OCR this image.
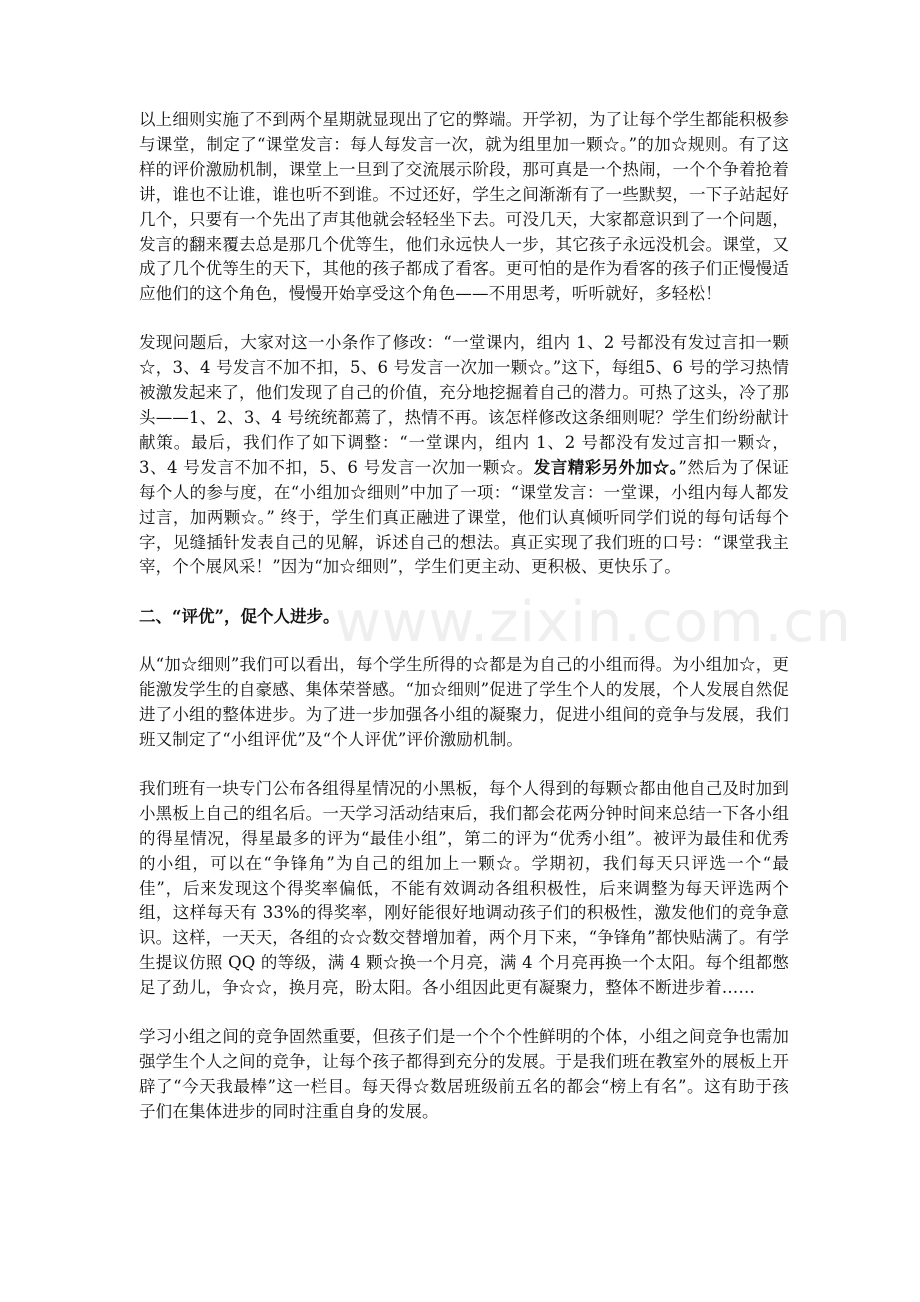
www.zixin.com.cn

以上细则实施了不到两个星期就显现出了它的弊端。开学初，为了让每个学生都能积极参与课堂，制定了“课堂发言：每人每发言一次，就为组里加一颗☆。”的加☆规则。有了这样的评价激励机制，课堂上一旦到了交流展示阶段，那可真是一个热闹，一个个争着抢着讲，谁也不让谁，谁也听不到谁。不过还好，学生之间渐渐有了一些默契，一下子站起好几个，只要有一个先出了声其他就会轻轻坐下去。可没几天，大家都意识到了一个问题，发言的翻来覆去总是那几个优等生，他们永远快人一步，其它孩子永远没机会。课堂，又成了几个优等生的天下，其他的孩子都成了看客。更可怕的是作为看客的孩子们正慢慢适应他们的这个角色，慢慢开始享受这个角色——不用思考，听听就好，多轻松！

发现问题后，大家对这一小条作了修改：“一堂课内，组内 1、2 号都没有发过言扣一颗☆，3、4 号发言不加不扣，5、6 号发言一次加一颗☆。”这下，每组5、6 号的学习热情被激发起来了，他们发现了自己的价值，充分地挖掘着自己的潜力。可热了这头，冷了那头——1、2、3、4 号统统都蔫了，热情不再。该怎样修改这条细则呢？学生们纷纷献计献策。最后，我们作了如下调整：“一堂课内，组内 1、2 号都没有发过言扣一颗☆，3、4 号发言不加不扣，5、6 号发言一次加一颗☆。发言精彩另外加☆。”然后为了保证每个人的参与度，在“小组加☆细则”中加了一项：“课堂发言：一堂课，小组内每人都发过言，加两颗☆。” 终于，学生们真正融进了课堂，他们认真倾听同学们说的每句话每个字，见缝插针发表自己的见解，诉述自己的想法。真正实现了我们班的口号：“课堂我主宰，个个展风采！”因为“加☆细则”，学生们更主动、更积极、更快乐了。

二、“评优”，促个人进步。

从“加☆细则”我们可以看出，每个学生所得的☆都是为自己的小组而得。为小组加☆，更能激发学生的自豪感、集体荣誉感。“加☆细则”促进了学生个人的发展，个人发展自然促进了小组的整体进步。为了进一步加强各小组的凝聚力，促进小组间的竞争与发展，我们班又制定了“小组评优”及“个人评优”评价激励机制。

我们班有一块专门公布各组得星情况的小黑板，每个人得到的每颗☆都由他自己及时加到小黑板上自己的组名后。一天学习活动结束后，我们都会花两分钟时间来总结一下各小组的得星情况，得星最多的评为“最佳小组”，第二的评为“优秀小组”。被评为最佳和优秀的小组，可以在“争锋角”为自己的组加上一颗☆。学期初，我们每天只评选一个“最佳”，后来发现这个得奖率偏低，不能有效调动各组积极性，后来调整为每天评选两个组，这样每天有 33%的得奖率，刚好能很好地调动孩子们的积极性，激发他们的竞争意识。这样，一天天，各组的☆☆数交替增加着，两个月下来，“争锋角”都快贴满了。有学生提议仿照 QQ 的等级，满 4 颗☆换一个月亮，满 4 个月亮再换一个太阳。每个组都憋足了劲儿，争☆☆，换月亮，盼太阳。各小组因此更有凝聚力，整体不断进步着……

学习小组之间的竞争固然重要，但孩子们是一个个个性鲜明的个体，小组之间竞争也需加强学生个人之间的竞争，让每个孩子都得到充分的发展。于是我们班在教室外的展板上开辟了“今天我最棒”这一栏目。每天得☆数居班级前五名的都会“榜上有名”。这有助于孩子们在集体进步的同时注重自身的发展。
